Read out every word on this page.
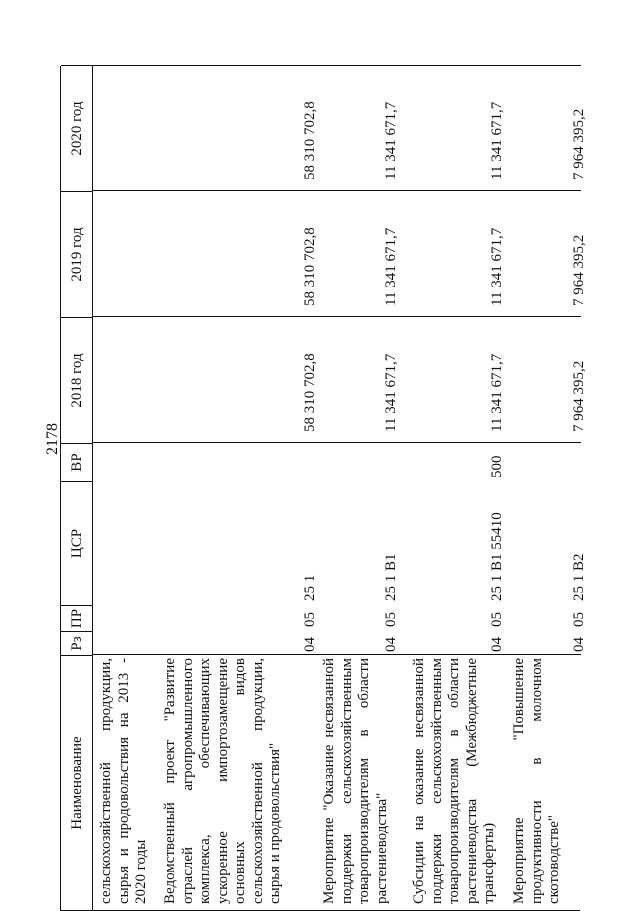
2178
Наименование
Рз
ПР
ЦСР
ВР
2018 год
2019 год
2020 год
сельскохозяйственной продукции, сырья и продовольствия на 2013 - 2020 годы Ведомственный проект "Развитие отраслей агропромышленного комплекса, обеспечивающих ускоренное импортозамещение основных видов сельскохозяйственной продукции, сырья и продовольствия"
04
05
25 1
58 310 702,8
58 310 702,8
58 310 702,8
Мероприятие "Оказание несвязанной поддержки сельскохозяйственным товаропроизводителям в области растениеводства"
04
05
25 1 В1
11 341 671,7
11 341 671,7
11 341 671,7
Субсидии на оказание несвязанной поддержки сельскохозяйственным товаропроизводителям в области растениеводства (Межбюджетные трансферты)
04
05
25 1 В1 55410
500
11 341 671,7
11 341 671,7
11 341 671,7
Мероприятие "Повышение продуктивности в молочном скотоводстве"
04
05
25 1 В2
7 964 395,2
7 964 395,2
7 964 395,2
